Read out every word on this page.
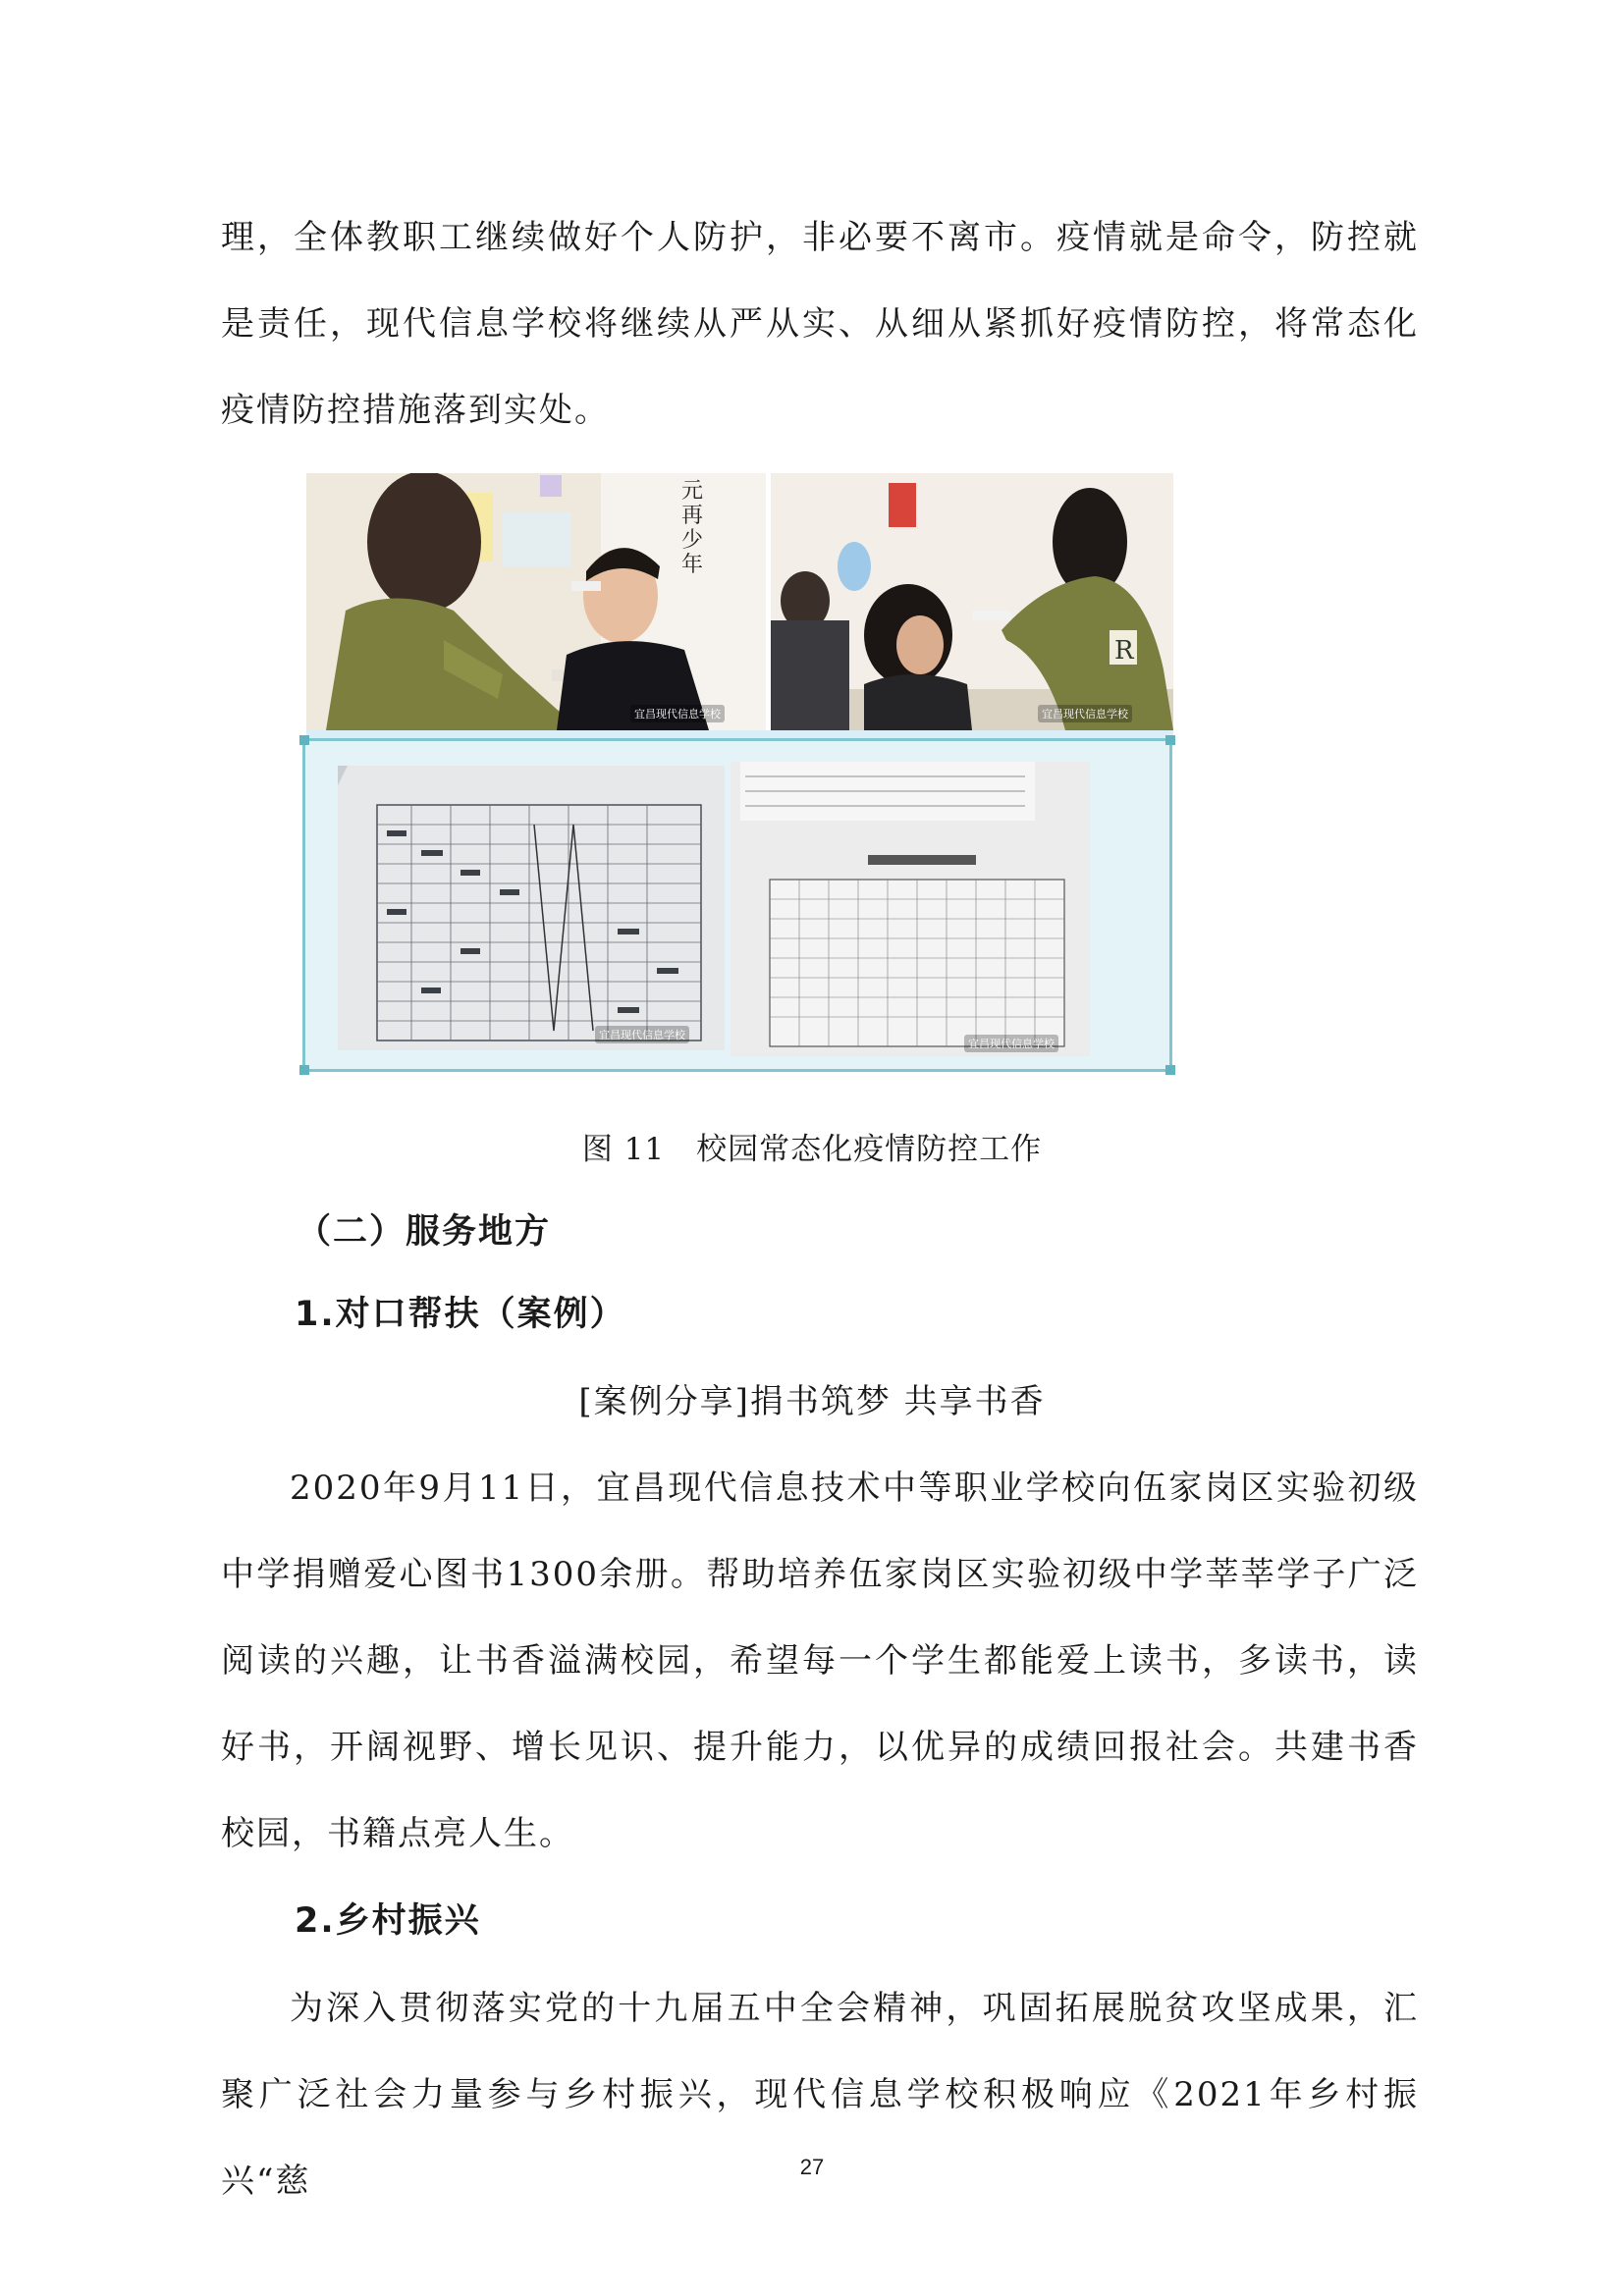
理，全体教职工继续做好个人防护，非必要不离市。疫情就是命令，防控就是责任，现代信息学校将继续从严从实、从细从紧抓好疫情防控，将常态化疫情防控措施落到实处。

元再少年
宜昌现代信息学校
R
宜昌现代信息学校
宜昌现代信息学校
宜昌现代信息学校

图 11　校园常态化疫情防控工作

（二）服务地方

1.对口帮扶（案例）

[案例分享]捐书筑梦 共享书香

2020年9月11日，宜昌现代信息技术中等职业学校向伍家岗区实验初级中学捐赠爱心图书1300余册。帮助培养伍家岗区实验初级中学莘莘学子广泛阅读的兴趣，让书香溢满校园，希望每一个学生都能爱上读书，多读书，读好书，开阔视野、增长见识、提升能力，以优异的成绩回报社会。共建书香校园，书籍点亮人生。

2.乡村振兴

为深入贯彻落实党的十九届五中全会精神，巩固拓展脱贫攻坚成果，汇聚广泛社会力量参与乡村振兴，现代信息学校积极响应《2021年乡村振兴“慈	27
